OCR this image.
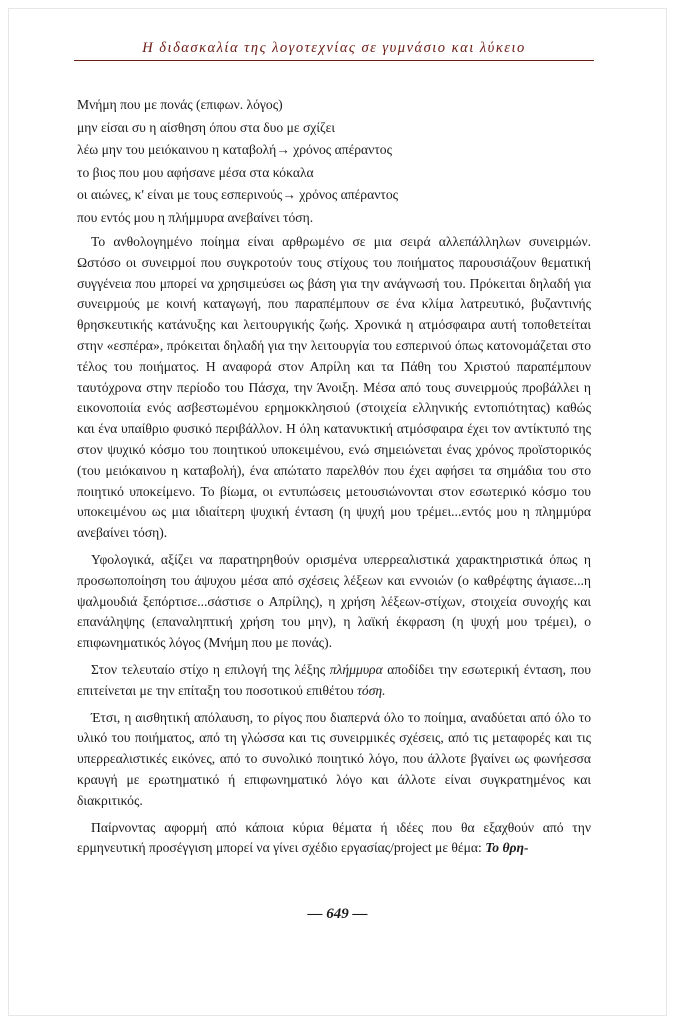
Η διδασκαλία της λογοτεχνίας σε γυμνάσιο και λύκειο
Μνήμη που με πονάς (επιφων. λόγος)
μην είσαι συ η αίσθηση όπου στα δυο με σχίζει
λέω μην του μειόκαινου η καταβολή→ χρόνος απέραντος
το βιος που μου αφήσανε μέσα στα κόκαλα
οι αιώνες, κ' είναι με τους εσπερινούς→ χρόνος απέραντος
που εντός μου η πλήμμυρα ανεβαίνει τόση.

Το ανθολογημένο ποίημα είναι αρθρωμένο σε μια σειρά αλλεπάλληλων συνειρμών. Ωστόσο οι συνειρμοί που συγκροτούν τους στίχους του ποιήματος παρουσιάζουν θεματική συγγένεια που μπορεί να χρησιμεύσει ως βάση για την ανάγνωσή του. Πρόκειται δηλαδή για συνειρμούς με κοινή καταγωγή, που παραπέμπουν σε ένα κλίμα λατρευτικό, βυζαντινής θρησκευτικής κατάνυξης και λειτουργικής ζωής. Χρονικά η ατμόσφαιρα αυτή τοποθετείται στην «εσπέρα», πρόκειται δηλαδή για την λειτουργία του εσπερινού όπως κατονομάζεται στο τέλος του ποιήματος. Η αναφορά στον Απρίλη και τα Πάθη του Χριστού παραπέμπουν ταυτόχρονα στην περίοδο του Πάσχα, την Άνοιξη. Μέσα από τους συνειρμούς προβάλλει η εικονοποιία ενός ασβεστωμένου ερημοκκλησιού (στοιχεία ελληνικής εντοπιότητας) καθώς και ένα υπαίθριο φυσικό περιβάλλον. Η όλη κατανυκτική ατμόσφαιρα έχει τον αντίκτυπό της στον ψυχικό κόσμο του ποιητικού υποκειμένου, ενώ σημειώνεται ένας χρόνος προϊστορικός (του μειόκαινου η καταβολή), ένα απώτατο παρελθόν που έχει αφήσει τα σημάδια του στο ποιητικό υποκείμενο. Το βίωμα, οι εντυπώσεις μετουσιώνονται στον εσωτερικό κόσμο του υποκειμένου ως μια ιδιαίτερη ψυχική ένταση (η ψυχή μου τρέμει...εντός μου η πλημμύρα ανεβαίνει τόση).

Υφολογικά, αξίζει να παρατηρηθούν ορισμένα υπερρεαλιστικά χαρακτηριστικά όπως η προσωποποίηση του άψυχου μέσα από σχέσεις λέξεων και εννοιών (ο καθρέφτης άγιασε...η ψαλμουδιά ξεπόρτισε...σάστισε ο Απρίλης), η χρήση λέξεων-στίχων, στοιχεία συνοχής και επανάληψης (επαναληπτική χρήση του μην), η λαϊκή έκφραση (η ψυχή μου τρέμει), ο επιφωνηματικός λόγος (Μνήμη που με πονάς).

Στον τελευταίο στίχο η επιλογή της λέξης πλήμμυρα αποδίδει την εσωτερική ένταση, που επιτείνεται με την επίταξη του ποσοτικού επιθέτου τόση.

Έτσι, η αισθητική απόλαυση, το ρίγος που διαπερνά όλο το ποίημα, αναδύεται από όλο το υλικό του ποιήματος, από τη γλώσσα και τις συνειρμικές σχέσεις, από τις μεταφορές και τις υπερρεαλιστικές εικόνες, από το συνολικό ποιητικό λόγο, που άλλοτε βγαίνει ως φωνήεσσα κραυγή με ερωτηματικό ή επιφωνηματικό λόγο και άλλοτε είναι συγκρατημένος και διακριτικός.

Παίρνοντας αφορμή από κάποια κύρια θέματα ή ιδέες που θα εξαχθούν από την ερμηνευτική προσέγγιση μπορεί να γίνει σχέδιο εργασίας/project με θέμα: Το θρη-

— 649 —
